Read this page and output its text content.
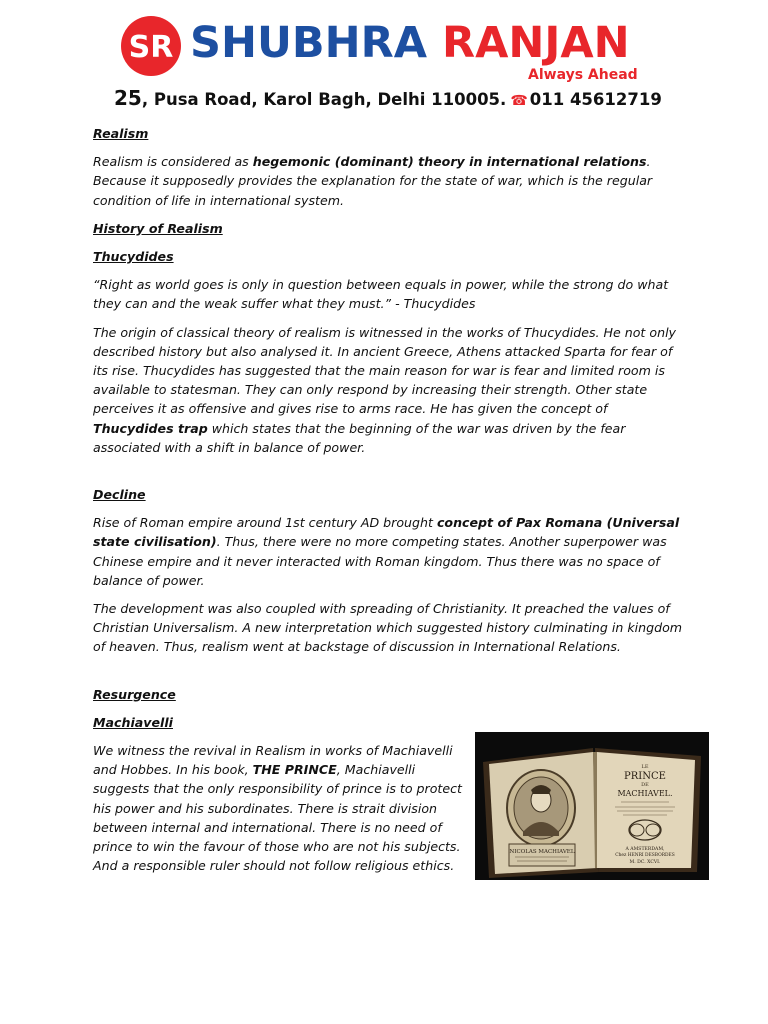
SR SHUBHRA RANJAN
Always Ahead
25, Pusa Road, Karol Bagh, Delhi 110005. ☎ 011 45612719
Realism

Realism is considered as hegemonic (dominant) theory in international relations. Because it supposedly provides the explanation for the state of war, which is the regular condition of life in international system.

History of Realism
Thucydides

“Right as world goes is only in question between equals in power, while the strong do what they can and the weak suffer what they must.” - Thucydides

The origin of classical theory of realism is witnessed in the works of Thucydides. He not only described history but also analysed it. In ancient Greece, Athens attacked Sparta for fear of its rise. Thucydides has suggested that the main reason for war is fear and limited room is available to statesman. They can only respond by increasing their strength. Other state perceives it as offensive and gives rise to arms race. He has given the concept of Thucydides trap which states that the beginning of the war was driven by the fear associated with a shift in balance of power.

Decline

Rise of Roman empire around 1st century AD brought concept of Pax Romana (Universal state civilisation). Thus, there were no more competing states. Another superpower was Chinese empire and it never interacted with Roman kingdom. Thus there was no space of balance of power.

The development was also coupled with spreading of Christianity. It preached the values of Christian Universalism. A new interpretation which suggested history culminating in kingdom of heaven. Thus, realism went at backstage of discussion in International Relations.

Resurgence
Machiavelli

We witness the revival in Realism in works of Machiavelli and Hobbes. In his book, THE PRINCE, Machiavelli suggests that the only responsibility of prince is to protect his power and his subordinates. There is strait division between internal and international. There is no need of prince to win the favour of those who are not his subjects. And a responsible ruler should not follow religious ethics.

NICOLAS MACHIAVEL
LE
PRINCE
DE
MACHIAVEL.
A AMSTERDAM,
Chez HENRI DESBORDES
M. DC. XCVI.
